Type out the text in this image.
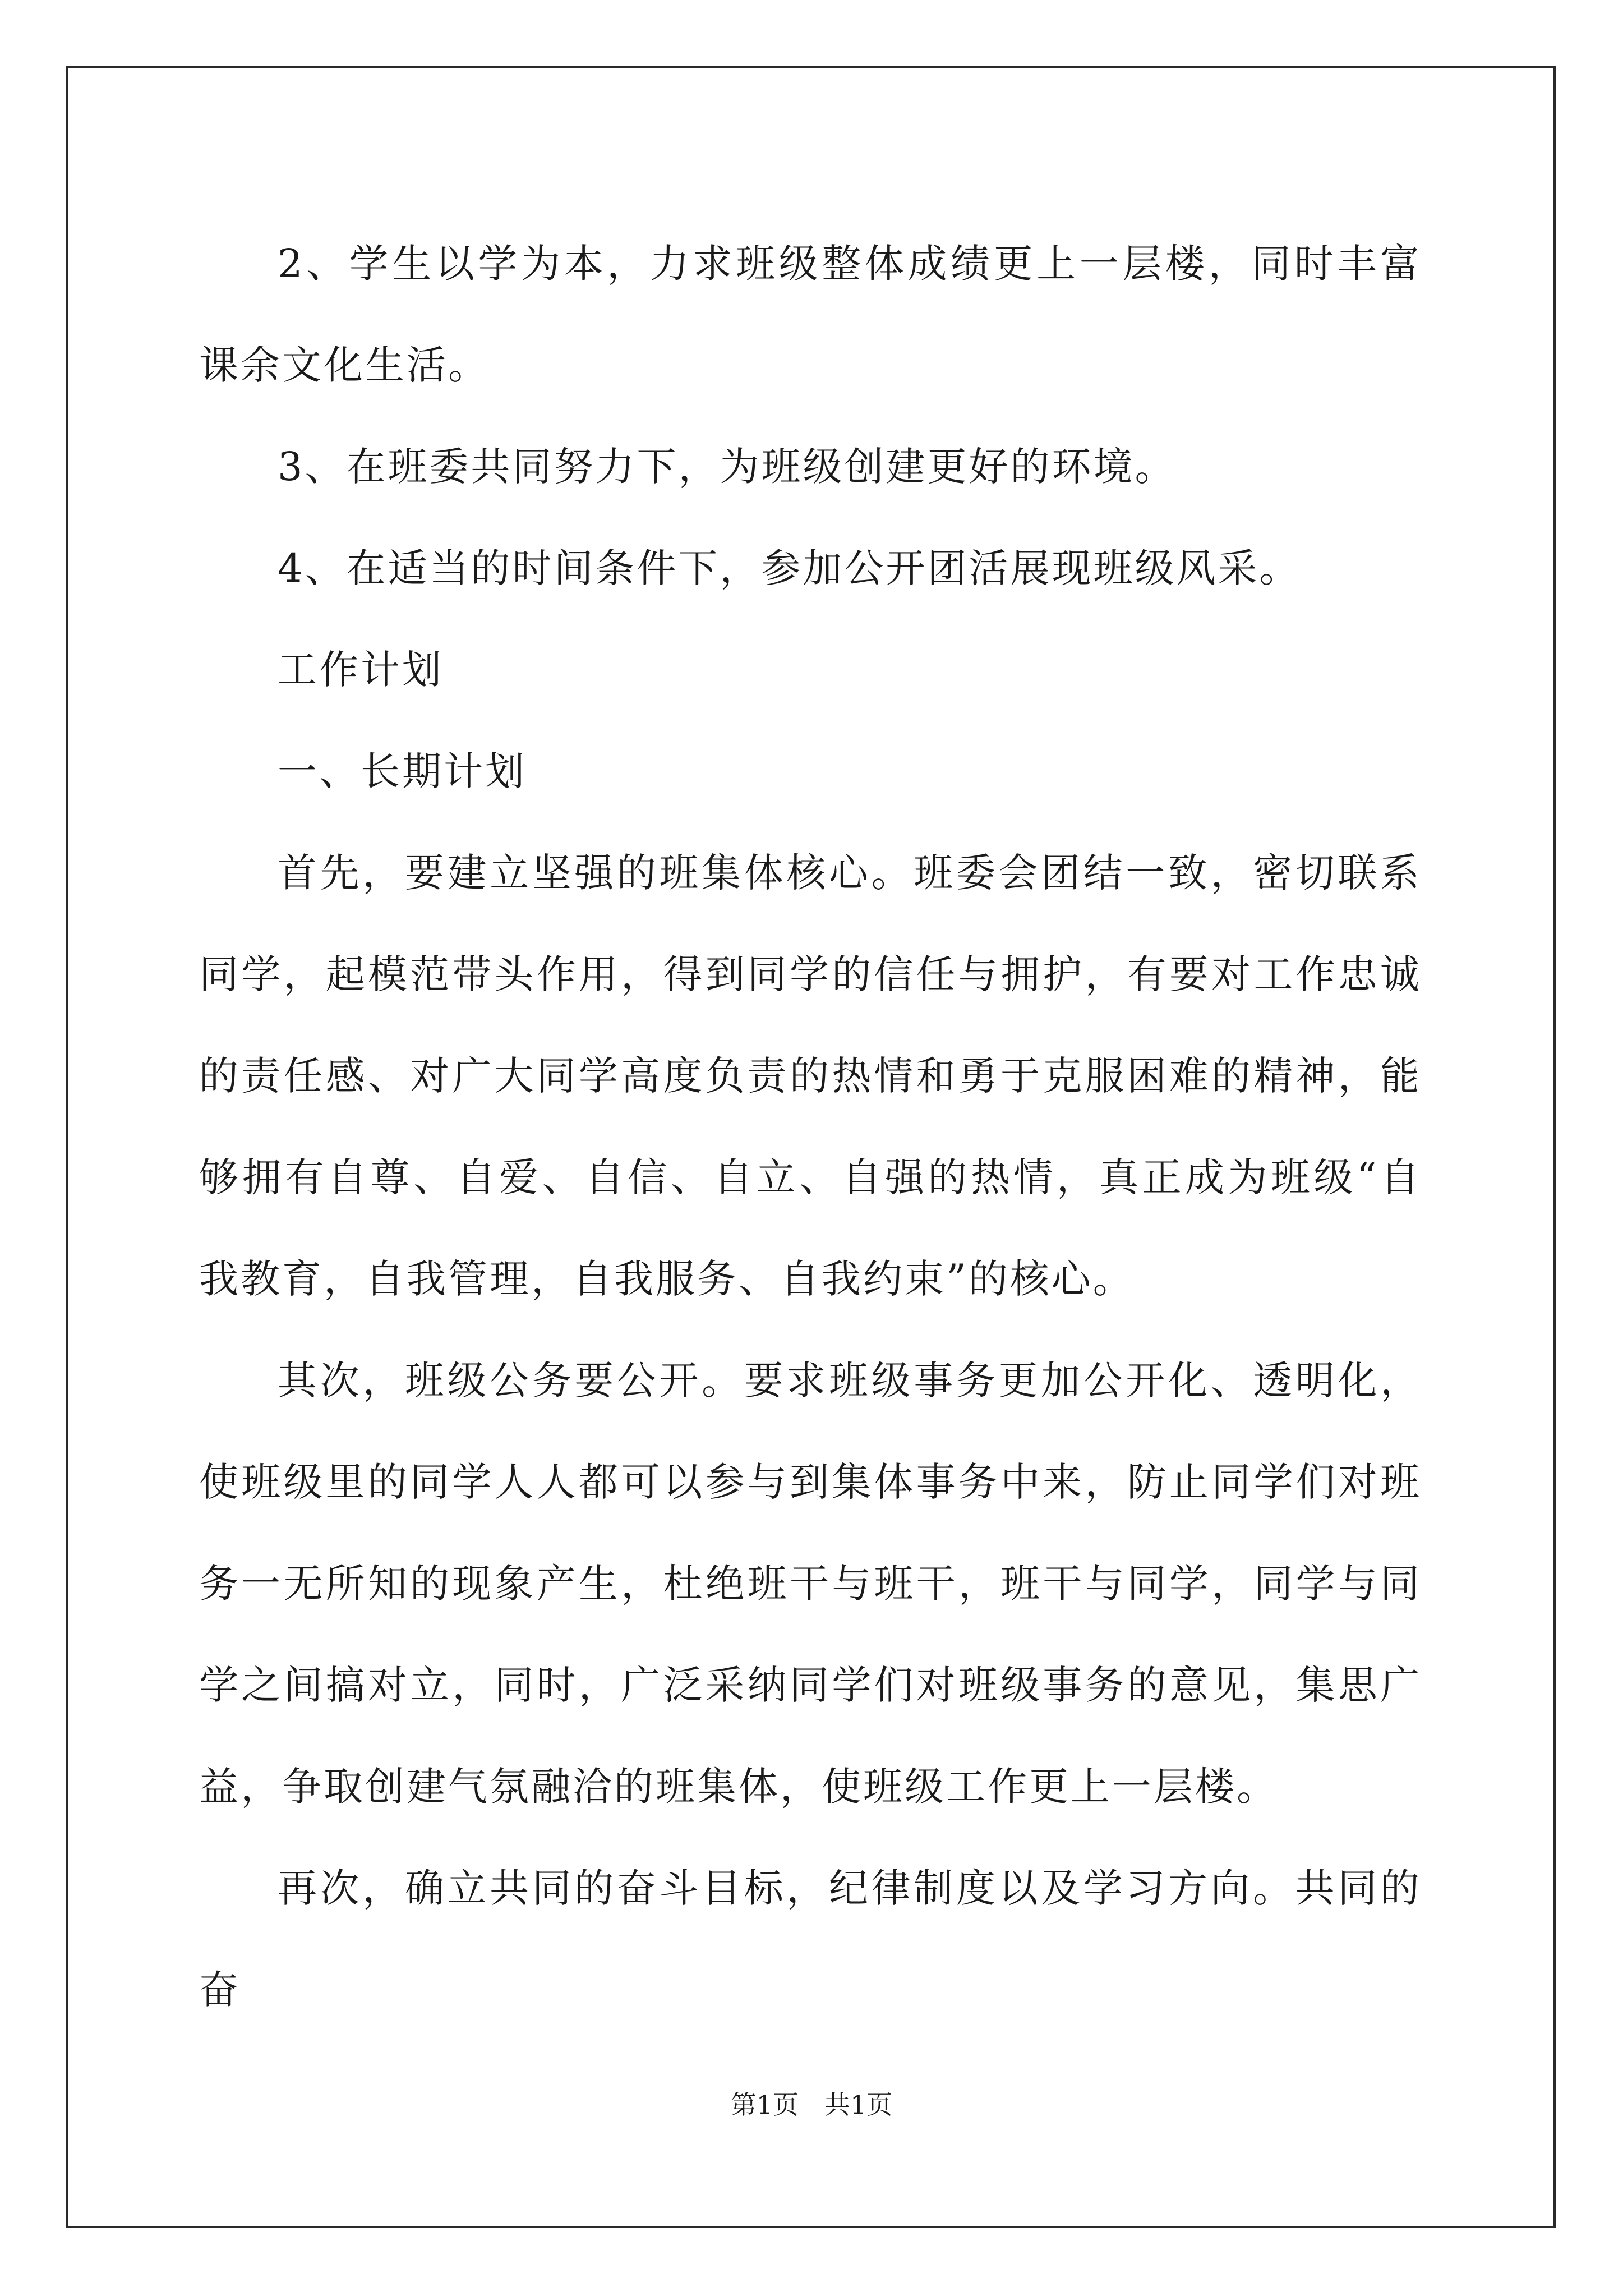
2、学生以学为本，力求班级整体成绩更上一层楼，同时丰富课余文化生活。

3、在班委共同努力下，为班级创建更好的环境。

4、在适当的时间条件下，参加公开团活展现班级风采。

工作计划

一、长期计划

首先，要建立坚强的班集体核心。班委会团结一致，密切联系同学，起模范带头作用，得到同学的信任与拥护，有要对工作忠诚的责任感、对广大同学高度负责的热情和勇于克服困难的精神，能够拥有自尊、自爱、自信、自立、自强的热情，真正成为班级“自我教育，自我管理，自我服务、自我约束”的核心。

其次，班级公务要公开。要求班级事务更加公开化、透明化，使班级里的同学人人都可以参与到集体事务中来，防止同学们对班务一无所知的现象产生，杜绝班干与班干，班干与同学，同学与同学之间搞对立，同时，广泛采纳同学们对班级事务的意见，集思广益，争取创建气氛融洽的班集体，使班级工作更上一层楼。

再次，确立共同的奋斗目标，纪律制度以及学习方向。共同的奋

第1页　共1页
